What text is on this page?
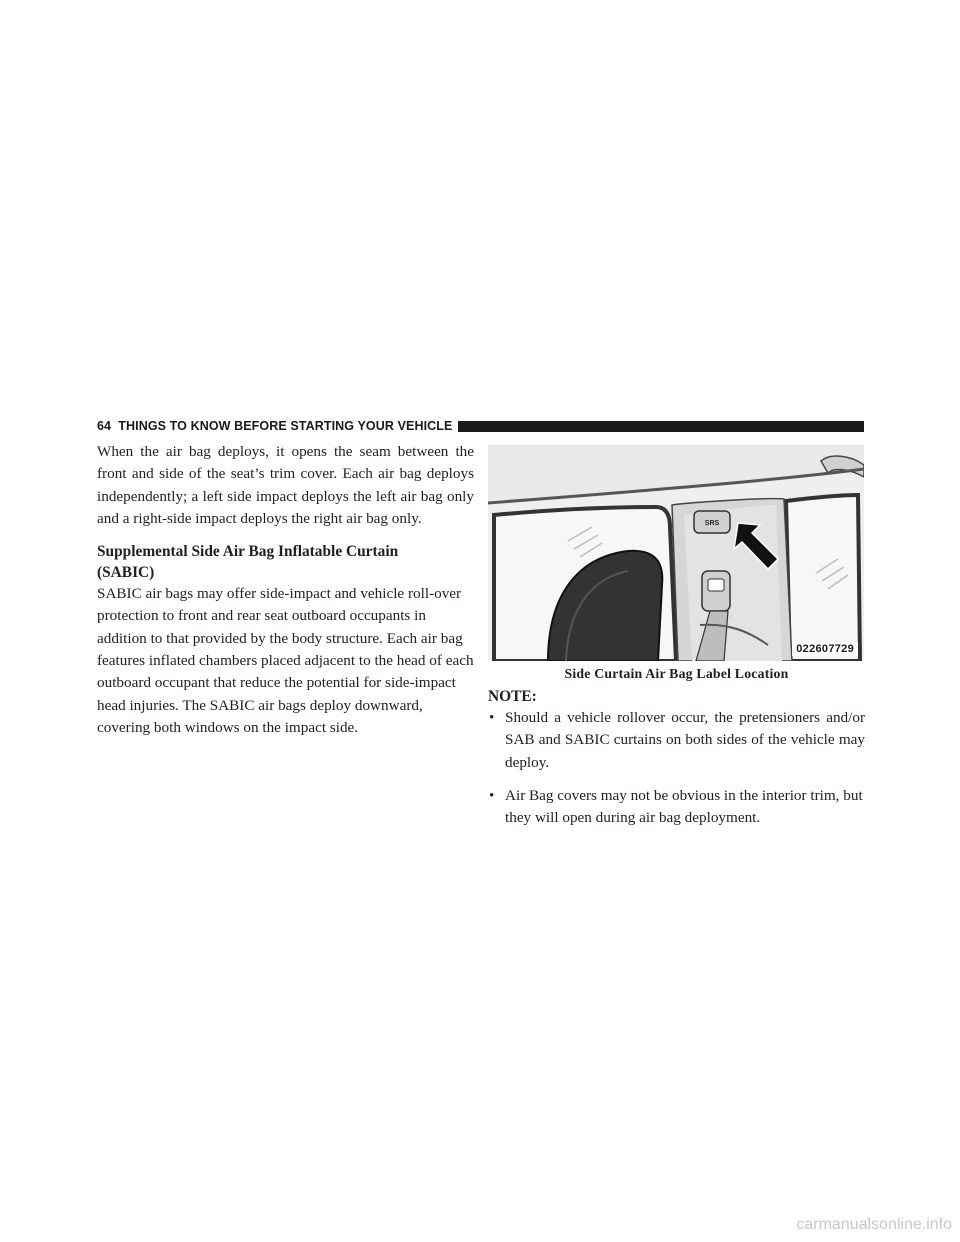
64 THINGS TO KNOW BEFORE STARTING YOUR VEHICLE

When the air bag deploys, it opens the seam between the front and side of the seat’s trim cover. Each air bag deploys independently; a left side impact deploys the left air bag only and a right-side impact deploys the right air bag only.

Supplemental Side Air Bag Inflatable Curtain
(SABIC)

SABIC air bags may offer side-impact and vehicle roll-over protection to front and rear seat outboard occupants in addition to that provided by the body structure. Each air bag features inflated chambers placed adjacent to the head of each outboard occupant that reduce the potential for side-impact head injuries. The SABIC air bags deploy downward, covering both windows on the impact side.

SRS
022607729
Side Curtain Air Bag Label Location
NOTE:
• Should a vehicle rollover occur, the pretensioners and/or SAB and SABIC curtains on both sides of the vehicle may deploy.
• Air Bag covers may not be obvious in the interior trim, but they will open during air bag deployment.
carmanualsonline.info
